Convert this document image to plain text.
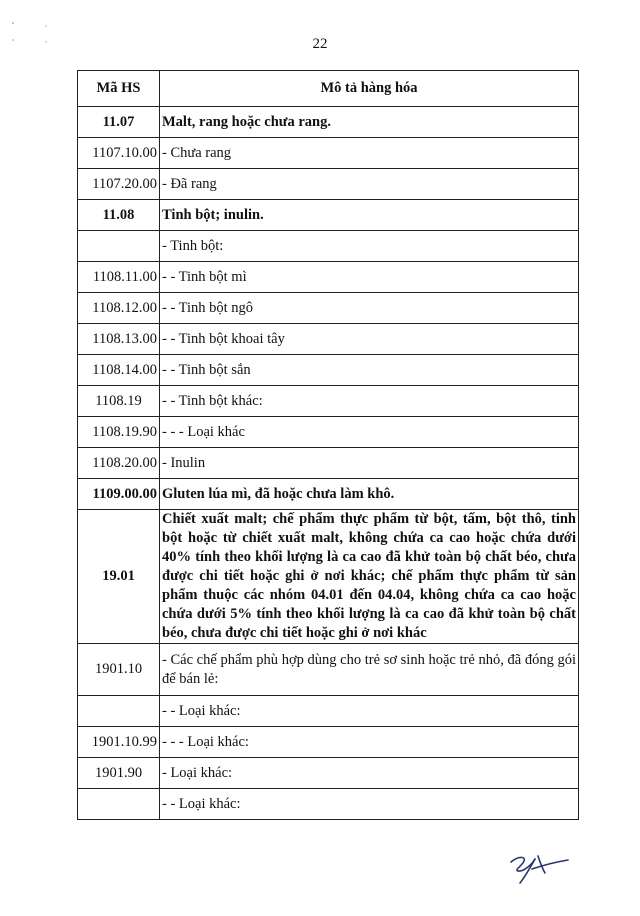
22
Mã HS	Mô tả hàng hóa
11.07	Malt, rang hoặc chưa rang.
1107.10.00	- Chưa rang
1107.20.00	- Đã rang
11.08	Tinh bột; inulin.
	- Tinh bột:
1108.11.00	- - Tinh bột mì
1108.12.00	- - Tinh bột ngô
1108.13.00	- - Tinh bột khoai tây
1108.14.00	- - Tinh bột sắn
1108.19	- - Tinh bột khác:
1108.19.90	- - - Loại khác
1108.20.00	- Inulin
1109.00.00	Gluten lúa mì, đã hoặc chưa làm khô.
19.01	Chiết xuất malt; chế phẩm thực phẩm từ bột, tấm, bột thô, tinh bột hoặc từ chiết xuất malt, không chứa ca cao hoặc chứa dưới 40% tính theo khối lượng là ca cao đã khử toàn bộ chất béo, chưa được chi tiết hoặc ghi ở nơi khác; chế phẩm thực phẩm từ sản phẩm thuộc các nhóm 04.01 đến 04.04, không chứa ca cao hoặc chứa dưới 5% tính theo khối lượng là ca cao đã khử toàn bộ chất béo, chưa được chi tiết hoặc ghi ở nơi khác
1901.10	- Các chế phẩm phù hợp dùng cho trẻ sơ sinh hoặc trẻ nhỏ, đã đóng gói để bán lẻ:
	- - Loại khác:
1901.10.99	- - - Loại khác:
1901.90	- Loại khác:
	- - Loại khác:
